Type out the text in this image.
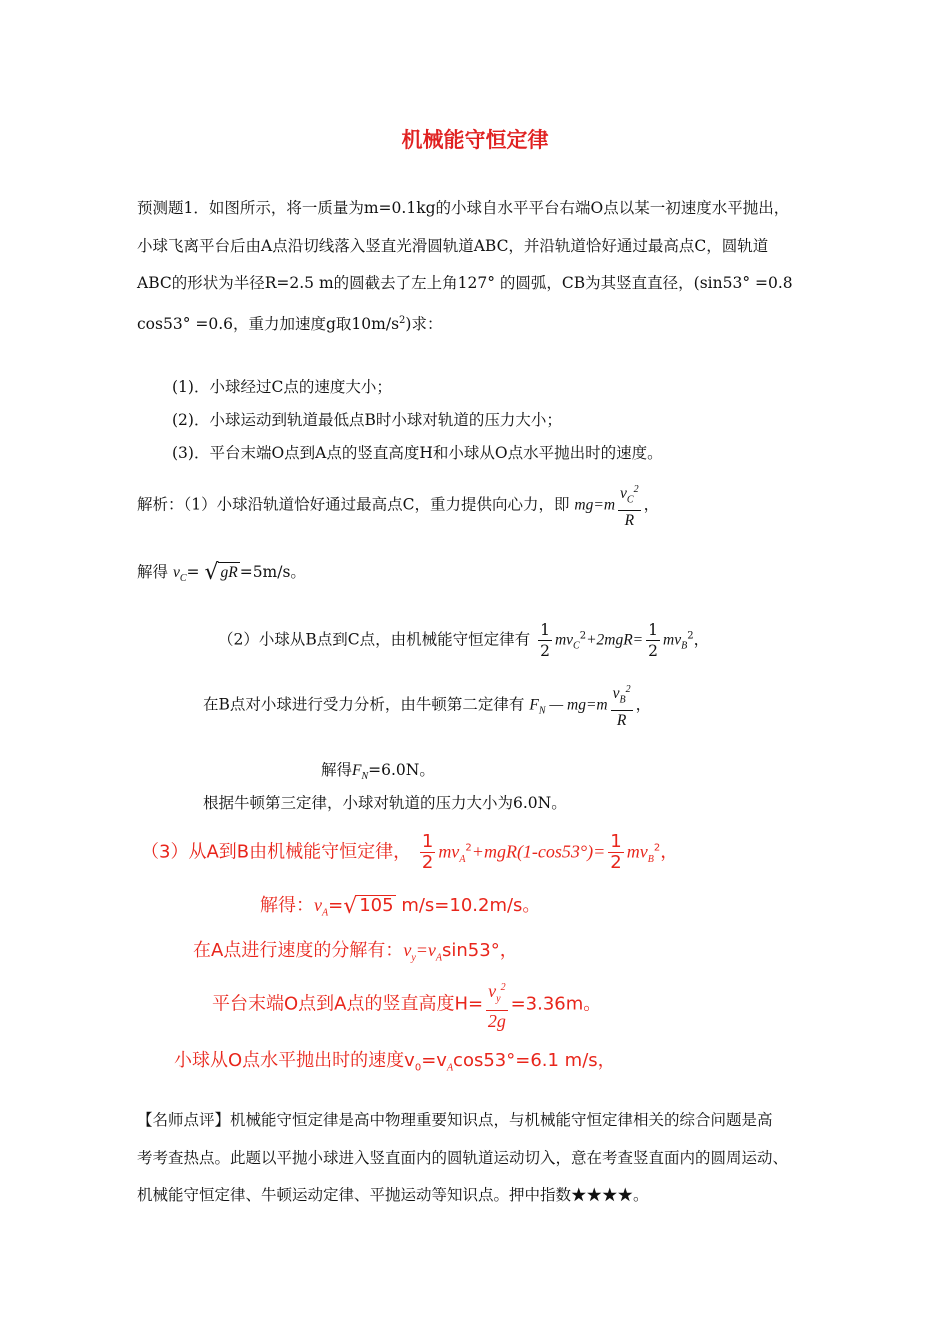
机械能守恒定律
预测题1．如图所示，将一质量为m=0.1kg的小球自水平平台右端O点以某一初速度水平抛出，
小球飞离平台后由A点沿切线落入竖直光滑圆轨道ABC，并沿轨道恰好通过最高点C，圆轨道
ABC的形状为半径R=2.5 m的圆截去了左上角127° 的圆弧，CB为其竖直直径，(sin53° =0.8
cos53° =0.6，重力加速度g取$10m/s^2$)求：
(1)．小球经过C点的速度大小；
(2)．小球运动到轨道最低点B时小球对轨道的压力大小；
(3)．平台末端O点到A点的竖直高度H和小球从O点水平抛出时的速度。
解析：（1）小球沿轨道恰好通过最高点C，重力提供向心力，即 $mg=m \frac{v_C^2}{R}$ ，
解得 $v_C=$ √ gR =5m/s。
（2）小球从B点到C点，由机械能守恒定律有 $\frac{1}{2} mv_C^2+2mgR= \frac{1}{2} mv_B^2$，
在B点对小球进行受力分析，由牛顿第二定律有 $F_N$ — $mg=m \frac{v_B^2}{R}$ ，
解得$F_N=6.0N$。
根据牛顿第三定律，小球对轨道的压力大小为6.0N。
（3）从A到B由机械能守恒定律， $\frac{1}{2} mv_A^2+mgR(1-\cos 53^\circ)= \frac{1}{2} mv_B^2$，
解得：$v_A=√$ 105 m/s=10.2m/s。
在A点进行速度的分解有：$v_y=v_A\sin 53^\circ$，
平台末端O点到A点的竖直高度$H= \frac{v_y^2}{2g} =3.36m$。
小球从O点水平抛出时的速度$v_0=v_A\cos 53^\circ=6.1$ m/s，
【名师点评】机械能守恒定律是高中物理重要知识点，与机械能守恒定律相关的综合问题是高
考考查热点。此题以平抛小球进入竖直面内的圆轨道运动切入，意在考查竖直面内的圆周运动、
机械能守恒定律、牛顿运动定律、平抛运动等知识点。押中指数★★★★。
